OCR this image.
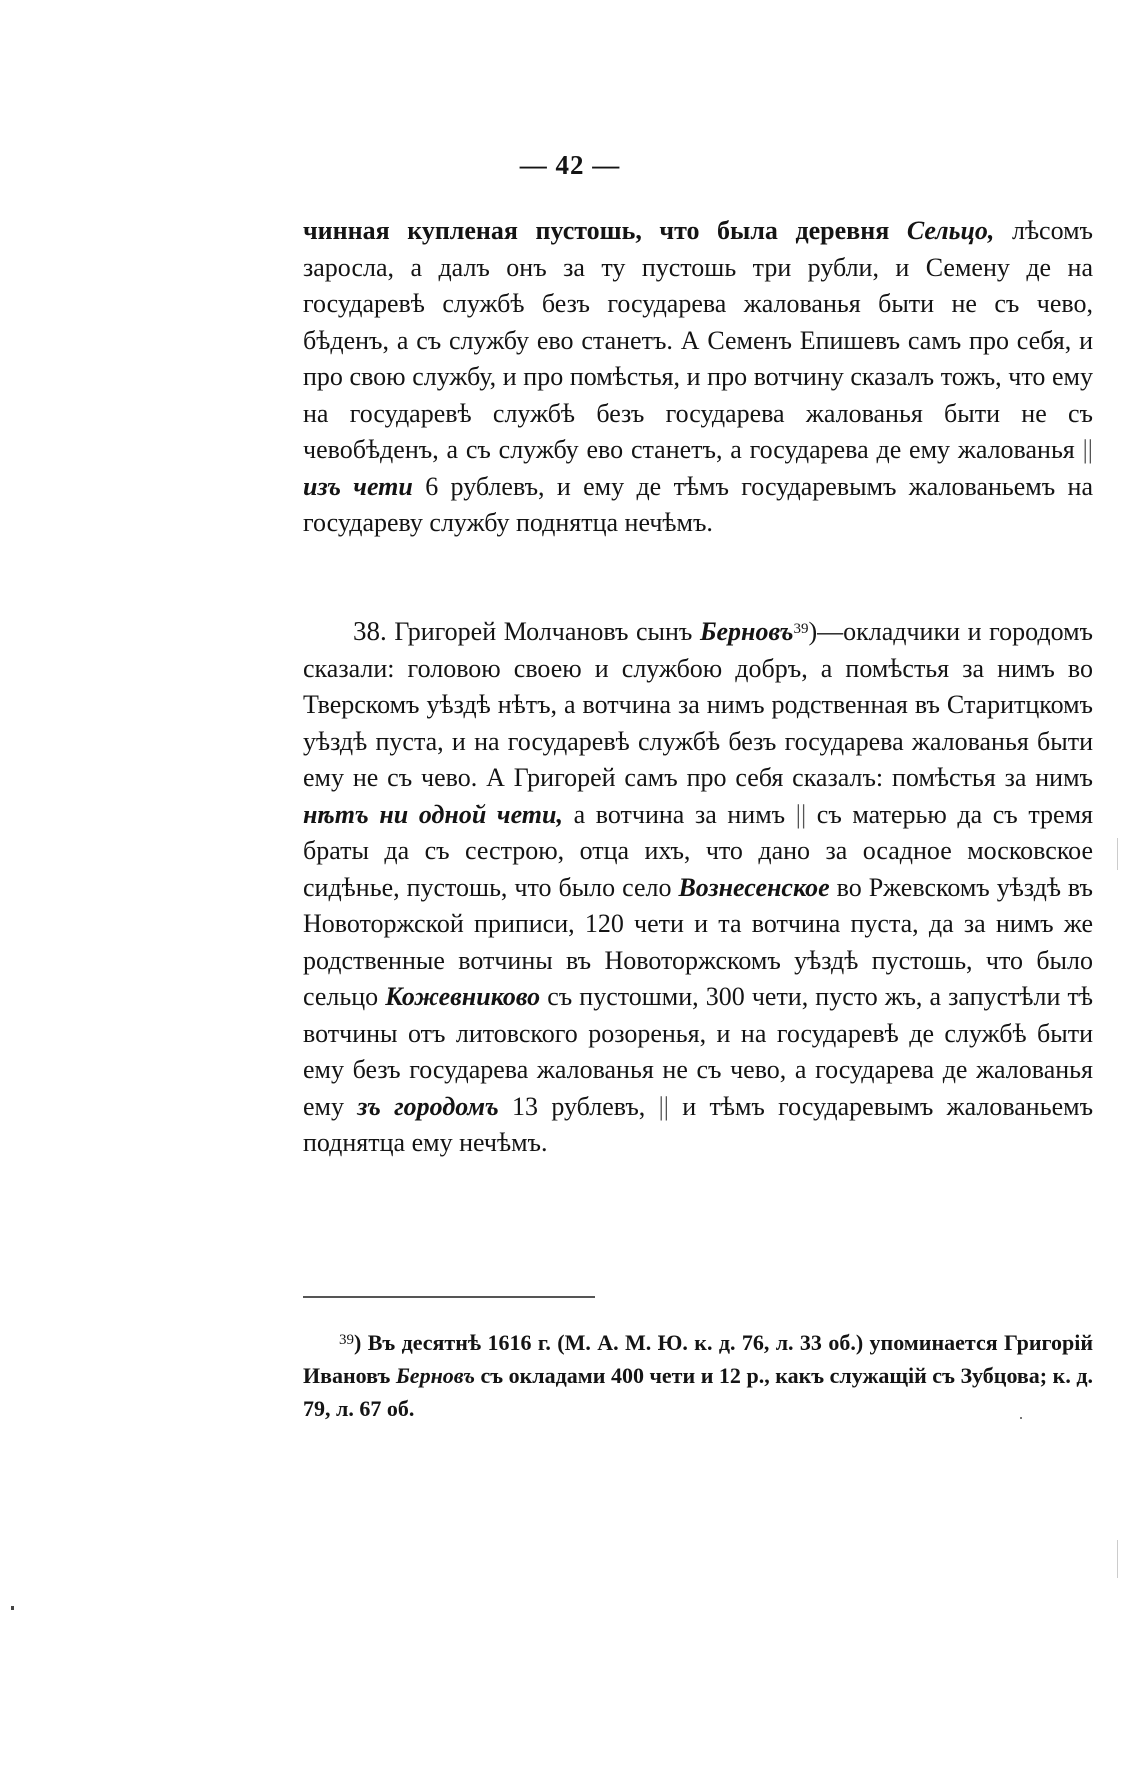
— 42 —
чинная купленая пустошь, что была деревня Сельцо, лѣсомъ заросла, а далъ онъ за ту пустошь три рубли, и Семену де на государевѣ службѣ безъ государева жалованья быти не съ чево, бѣденъ, а съ службу ево станетъ. А Семенъ Епишевъ самъ про себя, и про свою службу, и про помѣстья, и про вотчину сказалъ тожъ, что ему на государевѣ службѣ безъ государева жалованья быти не съ чевобѣденъ, а съ службу ево станетъ, а государева де ему жалованья || изъ чети 6 рублевъ, и ему де тѣмъ государевымъ жалованьемъ на государеву службу поднятца нечѣмъ.
38. Григорей Молчановъ сынъ Берновъ$^{39}$)—окладчики и городомъ сказали: головою своею и службою добръ, а помѣстья за нимъ во Тверскомъ уѣздѣ нѣтъ, а вотчина за нимъ родственная въ Старитцкомъ уѣздѣ пуста, и на государевѣ службѣ безъ государева жалованья быти ему не съ чево. А Григорей самъ про себя сказалъ: помѣстья за нимъ нѣтъ ни одной чети, а вотчина за нимъ || съ матерью да съ тремя браты да съ сестрою, отца ихъ, что дано за осадное московское сидѣнье, пустошь, что было село Вознесенское во Ржевскомъ уѣздѣ въ Новоторжской приписи, 120 чети и та вотчина пуста, да за нимъ же родственные вотчины въ Новоторжскомъ уѣздѣ пустошь, что было сельцо Кожевниково съ пустошми, 300 чети, пусто жъ, а запустѣли тѣ вотчины отъ литовского розоренья, и на государевѣ де службѣ быти ему безъ государева жалованья не съ чево, а государева де жалованья ему зъ городомъ 13 рублевъ, || и тѣмъ государевымъ жалованьемъ поднятца ему нечѣмъ.
$^{39}$) Въ десятнѣ 1616 г. (М. А. М. Ю. к. д. 76, л. 33 об.) упоминается Григорій Ивановъ Берновъ съ окладами 400 чети и 12 р., какъ служащій съ Зубцова; к. д. 79, л. 67 об.
